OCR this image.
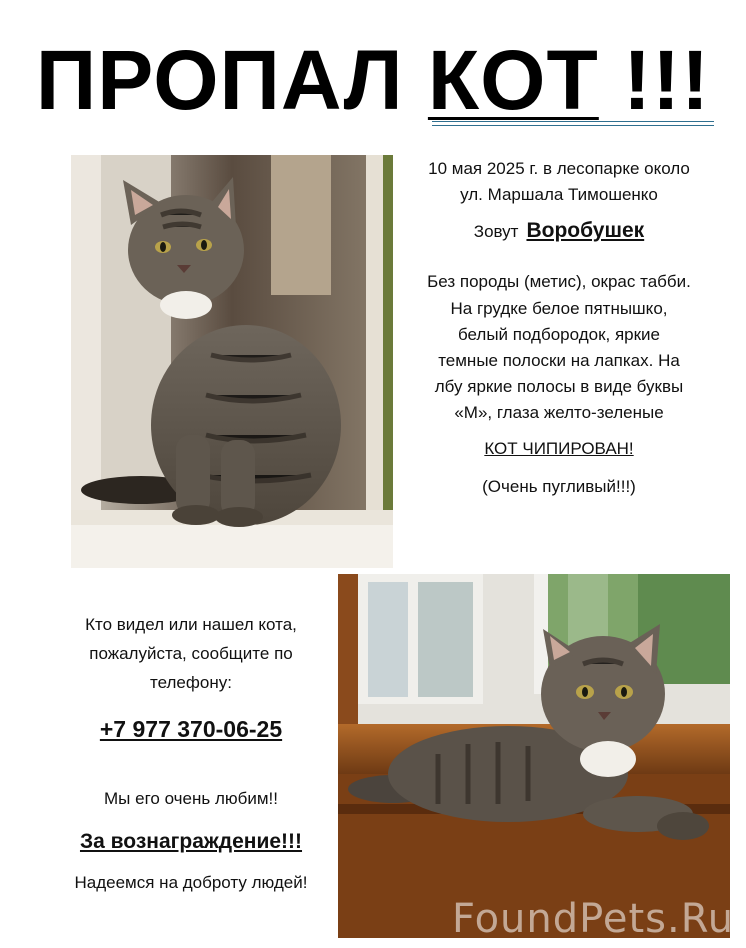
ПРОПАЛ КОТ !!!

10 мая 2025 г. в лесопарке около

ул. Маршала Тимошенко

Зовут Воробушек

Без породы (метис), окрас табби.

На грудке белое пятнышко,

белый подбородок, яркие

темные полоски на лапках. На

лбу яркие полосы в виде буквы

«М», глаза желто-зеленые

КОТ ЧИПИРОВАН!

(Очень пугливый!!!)

Кто видел или нашел кота,

пожалуйста, сообщите по

телефону:

+7 977 370-06-25

Мы его очень любим!!

За вознаграждение!!!

Надеемся на доброту людей!

FoundPets.Ru
